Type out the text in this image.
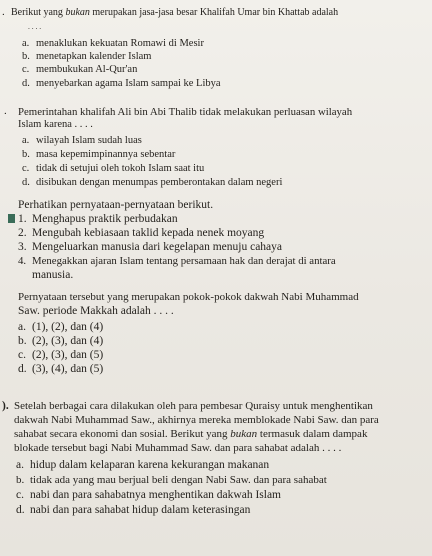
. Berikut yang bukan merupakan jasa-jasa besar Khalifah Umar bin Khattab adalah
. . . .
a. menaklukan kekuatan Romawi di Mesir
b. menetapkan kalender Islam
c. membukukan Al-Qur'an
d. menyebarkan agama Islam sampai ke Libya
. Pemerintahan khalifah Ali bin Abi Thalib tidak melakukan perluasan wilayah
Islam karena . . . .
a. wilayah Islam sudah luas
b. masa kepemimpinannya sebentar
c. tidak di setujui oleh tokoh Islam saat itu
d. disibukan dengan menumpas pemberontakan dalam negeri
Perhatikan pernyataan-pernyataan berikut.
1. Menghapus praktik perbudakan
2. Mengubah kebiasaan taklid kepada nenek moyang
3. Mengeluarkan manusia dari kegelapan menuju cahaya
4. Menegakkan ajaran Islam tentang persamaan hak dan derajat di antara
manusia.
Pernyataan tersebut yang merupakan pokok-pokok dakwah Nabi Muhammad
Saw. periode Makkah adalah . . . .
a. (1), (2), dan (4)
b. (2), (3), dan (4)
c. (2), (3), dan (5)
d. (3), (4), dan (5)
). Setelah berbagai cara dilakukan oleh para pembesar Quraisy untuk menghentikan
dakwah Nabi Muhammad Saw., akhirnya mereka memblokade Nabi Saw. dan para
sahabat secara ekonomi dan sosial. Berikut yang bukan termasuk dalam dampak
blokade tersebut bagi Nabi Muhammad Saw. dan para sahabat adalah . . . .
a. hidup dalam kelaparan karena kekurangan makanan
b. tidak ada yang mau berjual beli dengan Nabi Saw. dan para sahabat
c. nabi dan para sahabatnya menghentikan dakwah Islam
d. nabi dan para sahabat hidup dalam keterasingan
